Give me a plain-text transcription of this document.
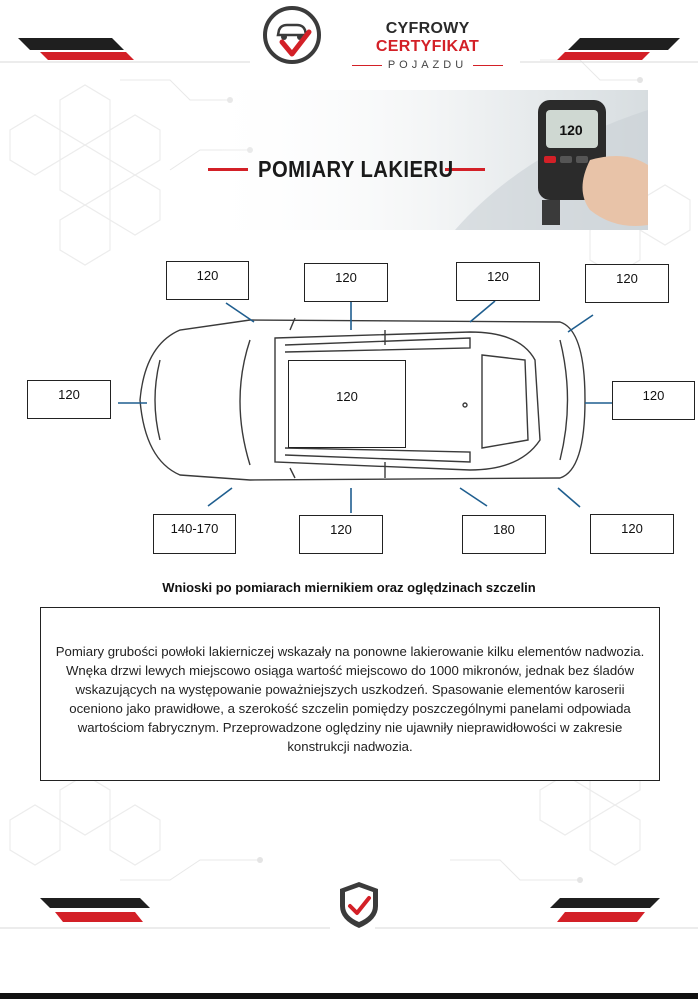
CYFROWY CERTYFIKAT
POJAZDU
120
POMIARY LAKIERU
120	120	120	120
120	120	120
140-170	120	180	120
Wnioski po pomiarach miernikiem oraz oględzinach szczelin
Pomiary grubości powłoki lakierniczej wskazały na ponowne lakierowanie kilku elementów nadwozia. Wnęka drzwi lewych miejscowo osiąga wartość miejscowo do 1000 mikronów, jednak bez śladów wskazujących na występowanie poważniejszych uszkodzeń. Spasowanie elementów karoserii oceniono jako prawidłowe, a szerokość szczelin pomiędzy poszczególnymi panelami odpowiada wartościom fabrycznym. Przeprowadzone oględziny nie ujawniły nieprawidłowości w zakresie konstrukcji nadwozia.
